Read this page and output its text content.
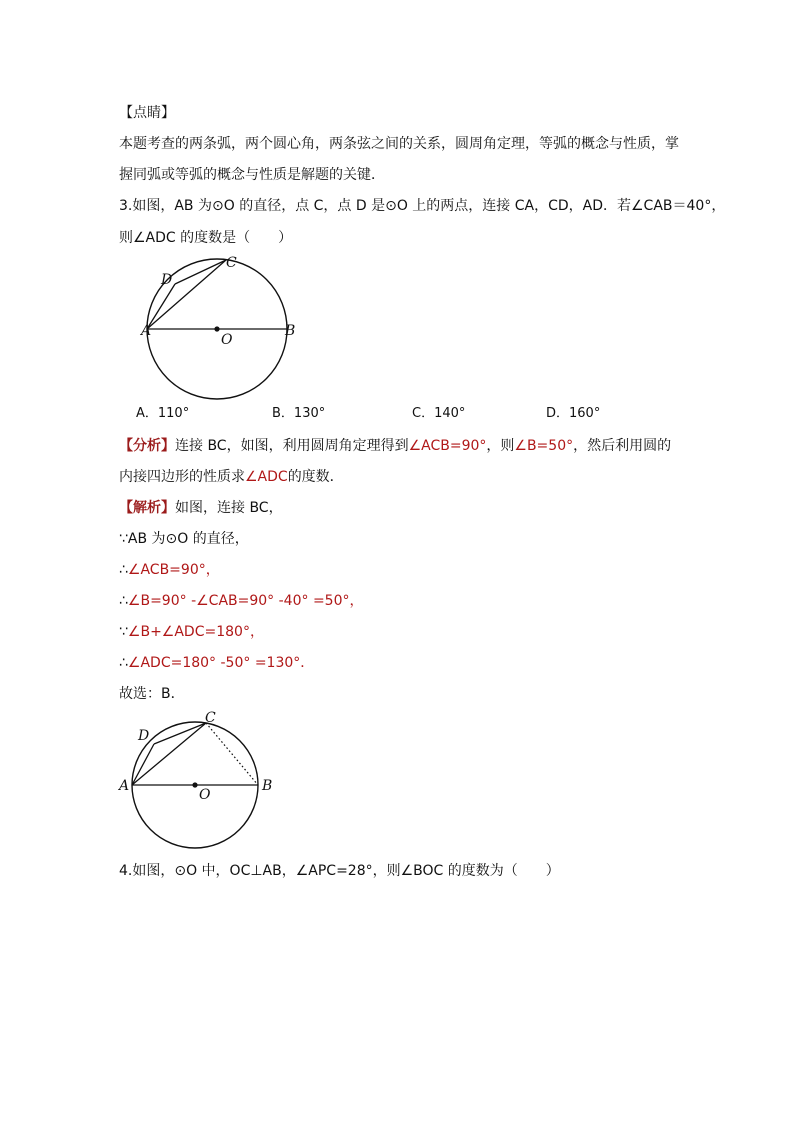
【点睛】
本题考查的两条弧，两个圆心角，两条弦之间的关系，圆周角定理，等弧的概念与性质，掌
握同弧或等弧的概念与性质是解题的关键．
3.如图，AB 为⊙O 的直径，点 C，点 D 是⊙O 上的两点，连接 CA，CD，AD．若∠CAB＝40°，
则∠ADC 的度数是（　　）
A	B
C
D
O
A．110°	B．130°	C．140°	D．160°
【分析】连接 BC，如图，利用圆周角定理得到∠ACB=90°，则∠B=50°，然后利用圆的
内接四边形的性质求∠ADC的度数．
【解析】如图，连接 BC，
∵AB 为⊙O 的直径，
∴∠ACB=90°，
∴∠B=90° -∠CAB=90° -40° =50°，
∵∠B+∠ADC=180°，
∴∠ADC=180° -50° =130°．
故选：B．
A	B
C
D
O
4.如图，⊙O 中，OC⊥AB，∠APC=28°，则∠BOC 的度数为（　　）
